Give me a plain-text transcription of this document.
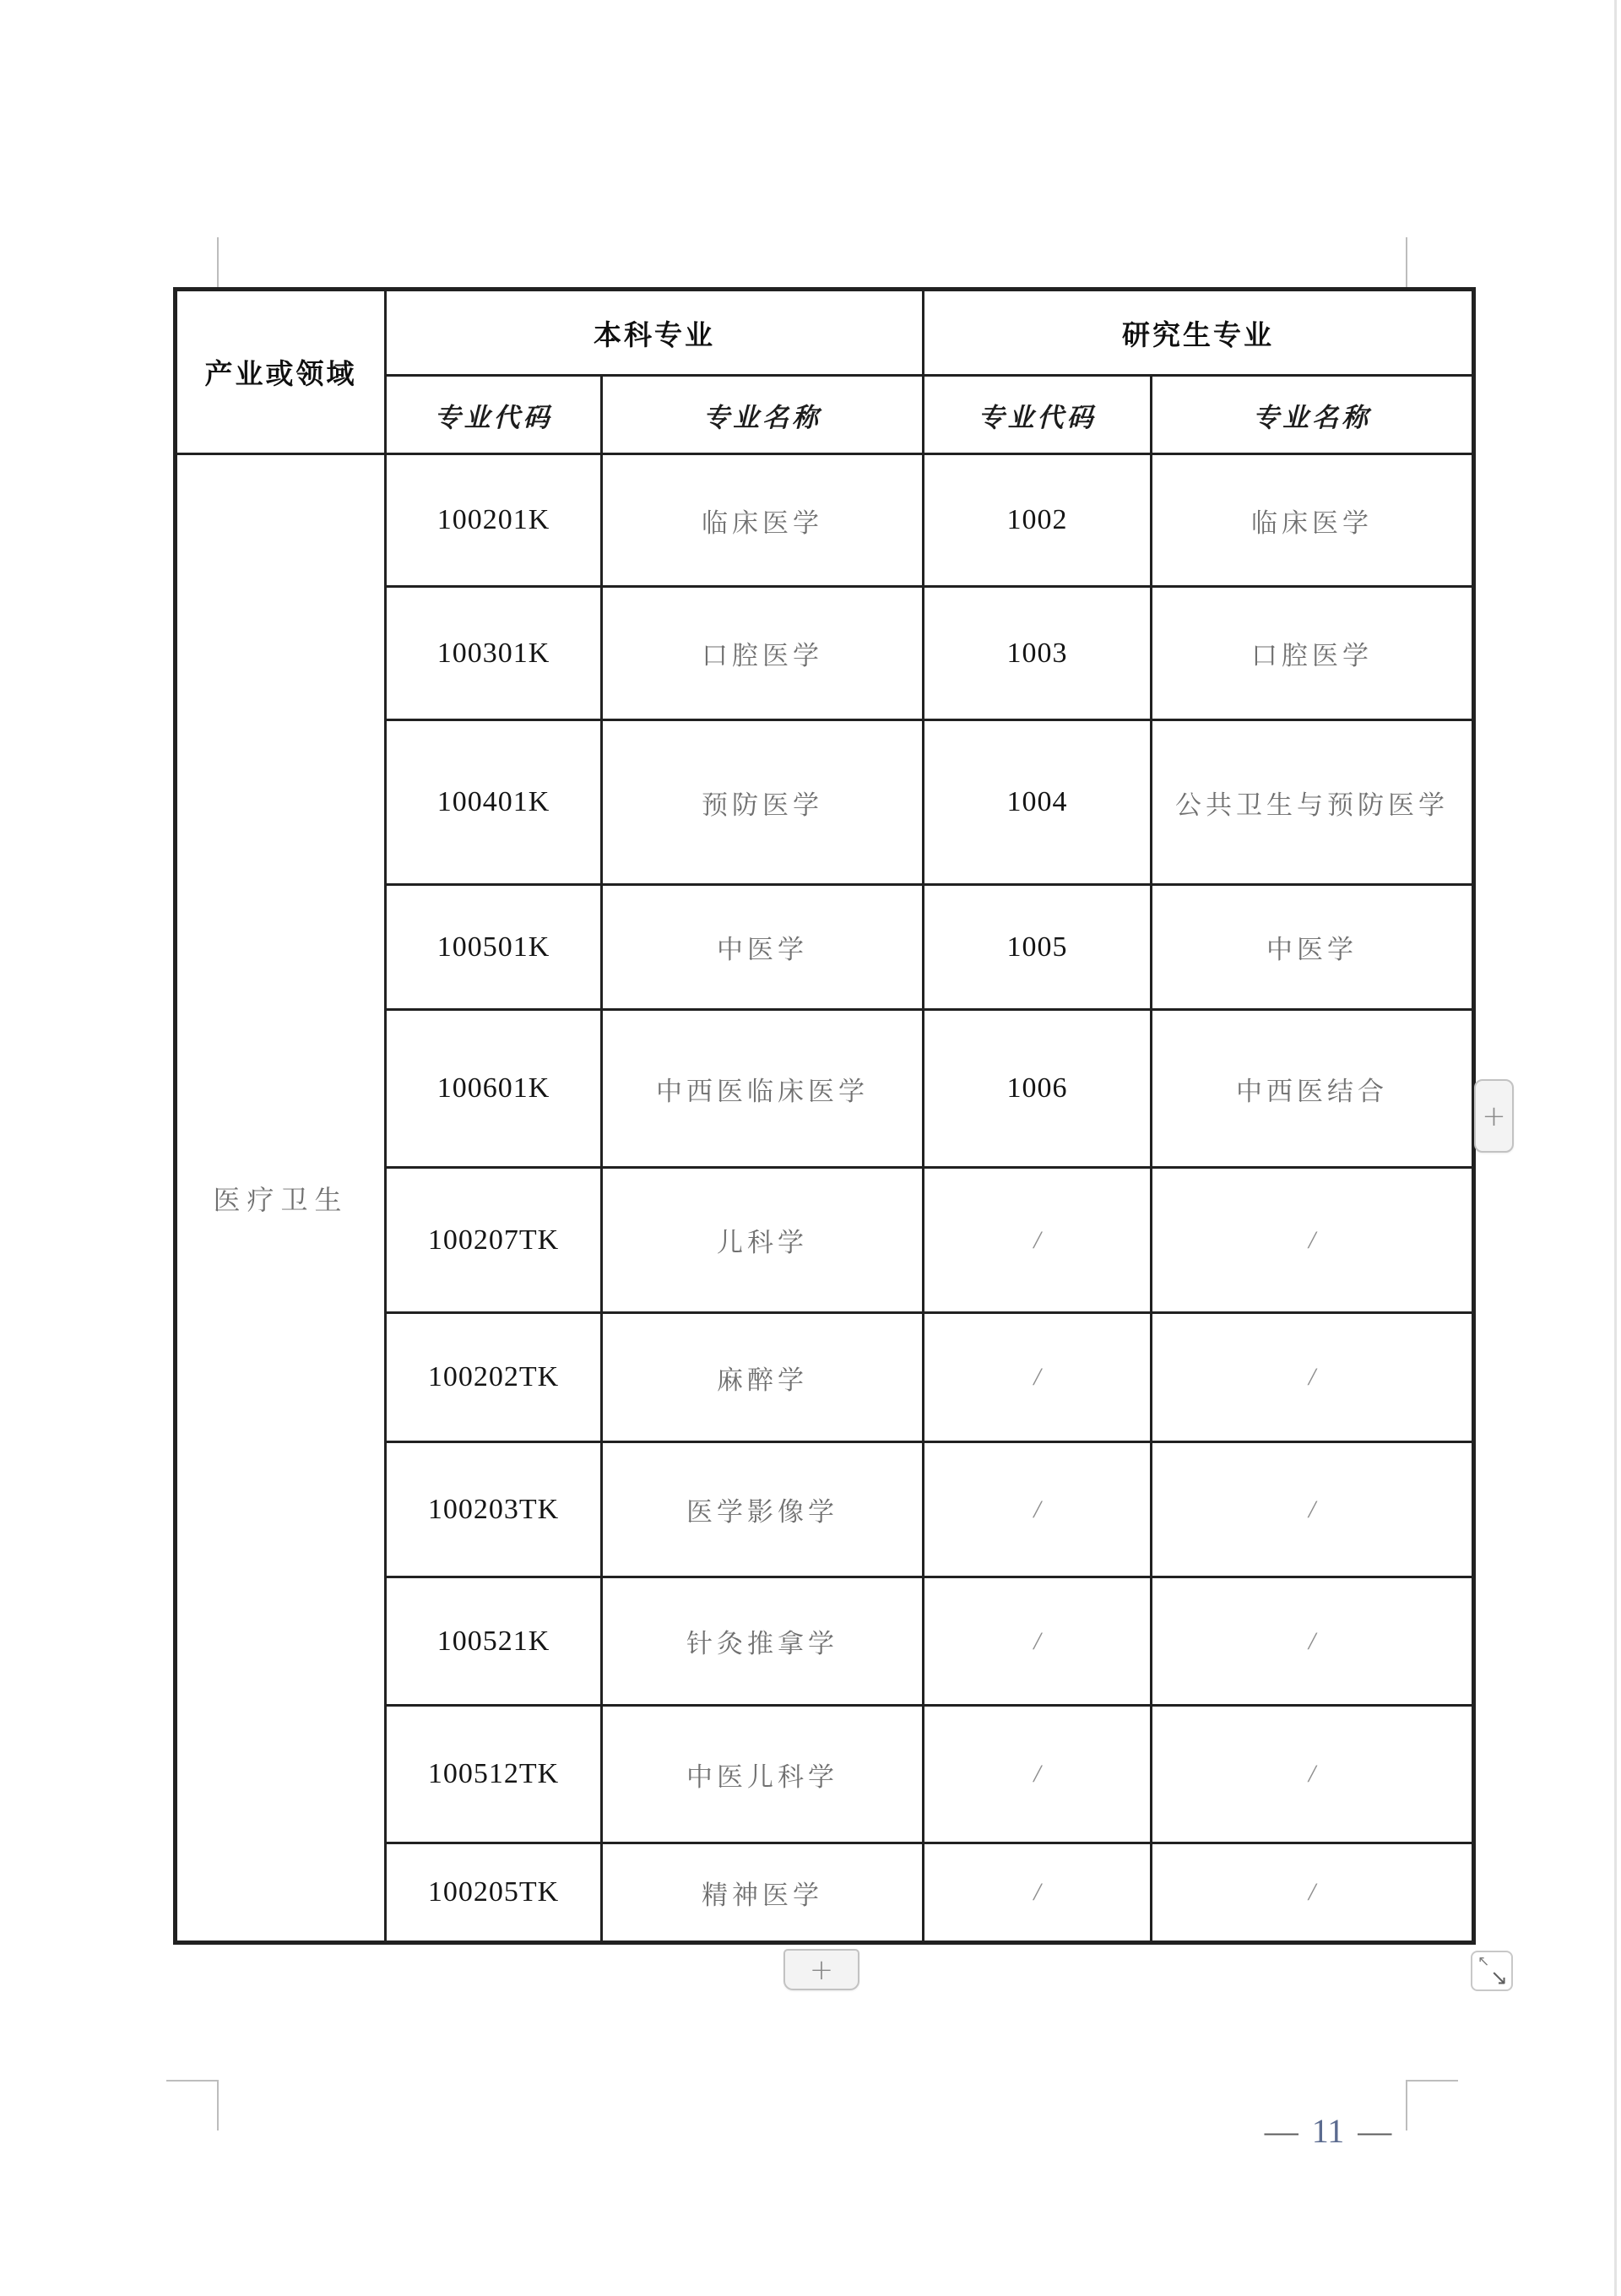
产业或领域	本科专业		研究生专业	
	专业代码	专业名称	专业代码	专业名称
医疗卫生	100201K	临床医学	1002	临床医学
	100301K	口腔医学	1003	口腔医学
	100401K	预防医学	1004	公共卫生与预防医学
	100501K	中医学	1005	中医学
	100601K	中西医临床医学	1006	中西医结合
	100207TK	儿科学	/	/
	100202TK	麻醉学	/	/
	100203TK	医学影像学	/	/
	100521K	针灸推拿学	/	/
	100512TK	中医儿科学	/	/
	100205TK	精神医学	/	/
+
+	↖
↘
— 11 —
